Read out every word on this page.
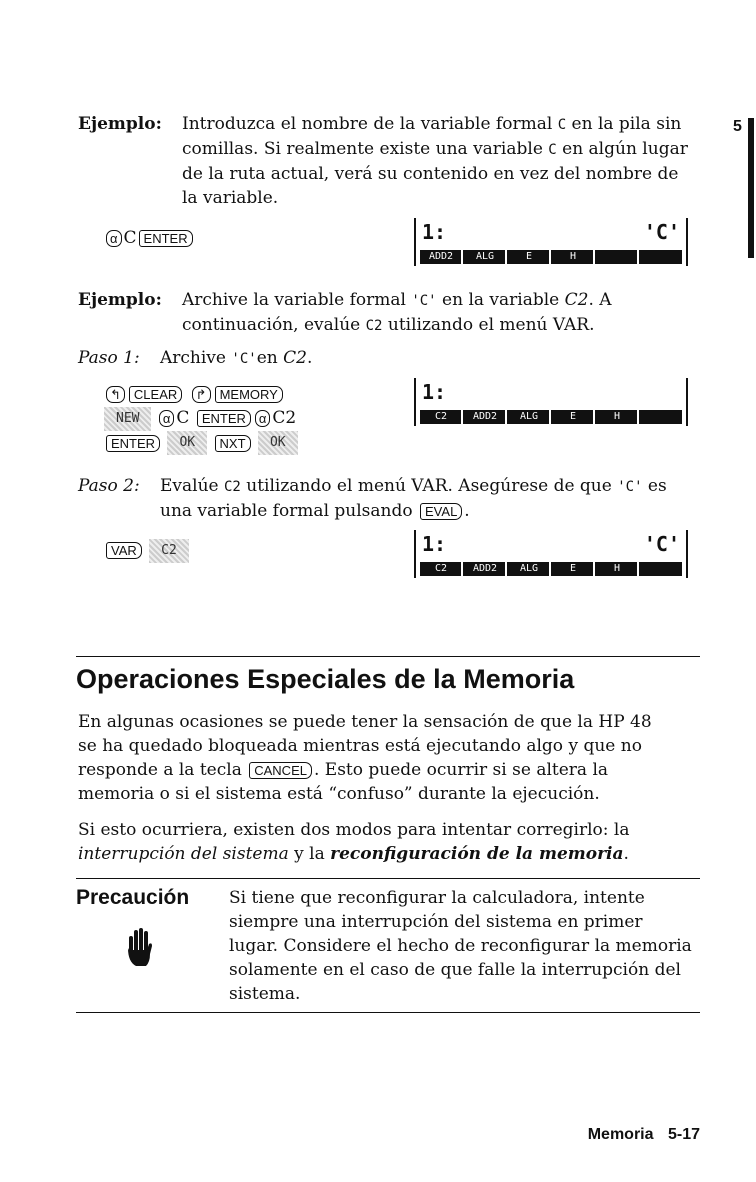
5
Ejemplo: Introduzca el nombre de la variable formal C en la pila sin
comillas. Si realmente existe una variable C en algún lugar
de la ruta actual, verá su contenido en vez del nombre de
la variable.
α C ENTER	1:	'C'
ADD2	ALG	E	H
Ejemplo: Archive la variable formal 'C' en la variable C2. A
continuación, evalúe C2 utilizando el menú VAR.
Paso 1: Archive 'C'en C2.
↰ CLEAR ↱ MEMORY
NEW α C ENTER α C2
ENTER OK NXT OK
1:
C2	ADD2	ALG	E	H
Paso 2: Evalúe C2 utilizando el menú VAR. Asegúrese de que 'C' es
una variable formal pulsando EVAL .
VAR C2	1:	'C'
C2	ADD2	ALG	E	H
Operaciones Especiales de la Memoria
En algunas ocasiones se puede tener la sensación de que la HP 48
se ha quedado bloqueada mientras está ejecutando algo y que no
responde a la tecla CANCEL . Esto puede ocurrir si se altera la
memoria o si el sistema está “confuso” durante la ejecución.
Si esto ocurriera, existen dos modos para intentar corregirlo: la
interrupción del sistema y la reconfiguración de la memoria.
Precaución Si tiene que reconfigurar la calculadora, intente
siempre una interrupción del sistema en primer
lugar. Considere el hecho de reconfigurar la memoria
solamente en el caso de que falle la interrupción del
sistema.
Memoria 5-17
